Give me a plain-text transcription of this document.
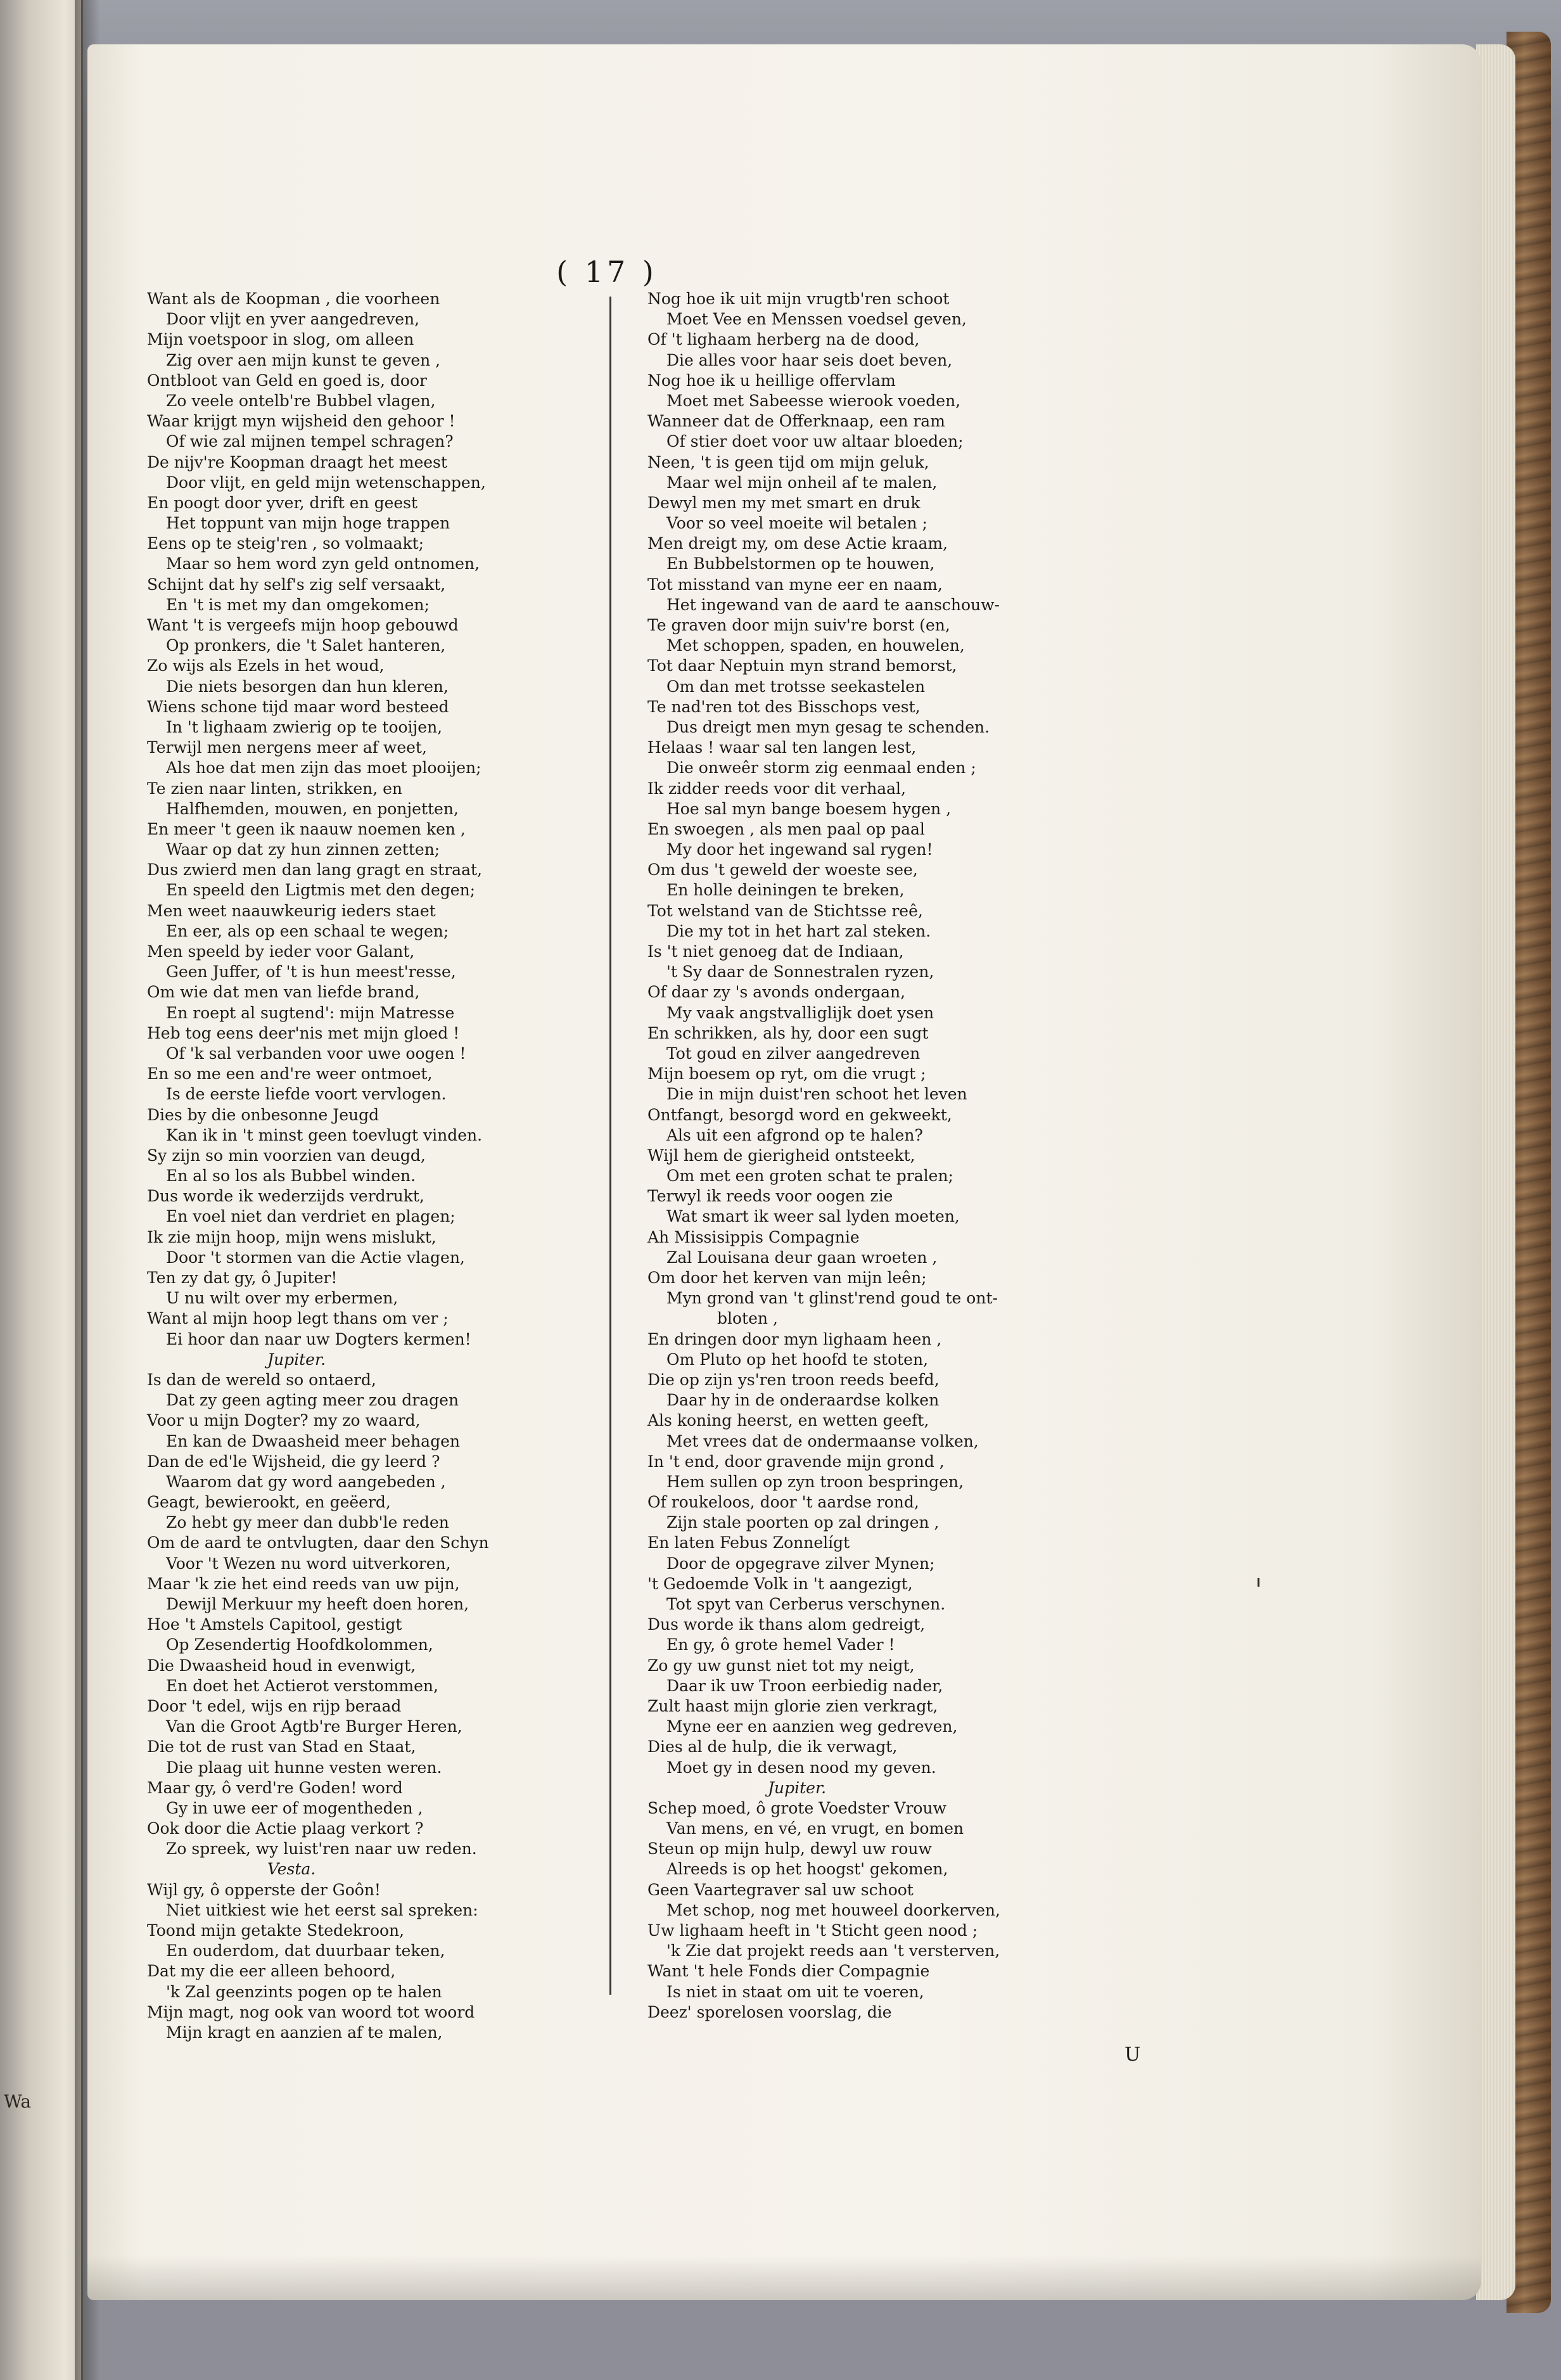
Wa
( 17 )
Want als de Koopman , die voorheen
Door vlijt en yver aangedreven,
Mijn voetspoor in slog, om alleen
Zig over aen mijn kunst te geven ,
Ontbloot van Geld en goed is, door
Zo veele ontelb're Bubbel vlagen,
Waar krijgt myn wijsheid den gehoor !
Of wie zal mijnen tempel schragen?
De nijv're Koopman draagt het meest
Door vlijt, en geld mijn wetenschappen,
En poogt door yver, drift en geest
Het toppunt van mijn hoge trappen
Eens op te steig'ren , so volmaakt;
Maar so hem word zyn geld ontnomen,
Schijnt dat hy self's zig self versaakt,
En 't is met my dan omgekomen;
Want 't is vergeefs mijn hoop gebouwd
Op pronkers, die 't Salet hanteren,
Zo wijs als Ezels in het woud,
Die niets besorgen dan hun kleren,
Wiens schone tijd maar word besteed
In 't lighaam zwierig op te tooijen,
Terwijl men nergens meer af weet,
Als hoe dat men zijn das moet plooijen;
Te zien naar linten, strikken, en
Halfhemden, mouwen, en ponjetten,
En meer 't geen ik naauw noemen ken ,
Waar op dat zy hun zinnen zetten;
Dus zwierd men dan lang gragt en straat,
En speeld den Ligtmis met den degen;
Men weet naauwkeurig ieders staet
En eer, als op een schaal te wegen;
Men speeld by ieder voor Galant,
Geen Juffer, of 't is hun meest'resse,
Om wie dat men van liefde brand,
En roept al sugtend': mijn Matresse
Heb tog eens deer'nis met mijn gloed !
Of 'k sal verbanden voor uwe oogen !
En so me een and're weer ontmoet,
Is de eerste liefde voort vervlogen.
Dies by die onbesonne Jeugd
Kan ik in 't minst geen toevlugt vinden.
Sy zijn so min voorzien van deugd,
En al so los als Bubbel winden.
Dus worde ik wederzijds verdrukt,
En voel niet dan verdriet en plagen;
Ik zie mijn hoop, mijn wens mislukt,
Door 't stormen van die Actie vlagen,
Ten zy dat gy, ô Jupiter!
U nu wilt over my erbermen,
Want al mijn hoop legt thans om ver ;
Ei hoor dan naar uw Dogters kermen!
Jupiter.
Is dan de wereld so ontaerd,
Dat zy geen agting meer zou dragen
Voor u mijn Dogter? my zo waard,
En kan de Dwaasheid meer behagen
Dan de ed'le Wijsheid, die gy leerd ?
Waarom dat gy word aangebeden ,
Geagt, bewierookt, en geëerd,
Zo hebt gy meer dan dubb'le reden
Om de aard te ontvlugten, daar den Schyn
Voor 't Wezen nu word uitverkoren,
Maar 'k zie het eind reeds van uw pijn,
Dewijl Merkuur my heeft doen horen,
Hoe 't Amstels Capitool, gestigt
Op Zesendertig Hoofdkolommen,
Die Dwaasheid houd in evenwigt,
En doet het Actierot verstommen,
Door 't edel, wijs en rijp beraad
Van die Groot Agtb're Burger Heren,
Die tot de rust van Stad en Staat,
Die plaag uit hunne vesten weren.
Maar gy, ô verd're Goden! word
Gy in uwe eer of mogentheden ,
Ook door die Actie plaag verkort ?
Zo spreek, wy luist'ren naar uw reden.
Vesta.
Wijl gy, ô opperste der Goôn!
Niet uitkiest wie het eerst sal spreken:
Toond mijn getakte Stedekroon,
En ouderdom, dat duurbaar teken,
Dat my die eer alleen behoord,
'k Zal geenzints pogen op te halen
Mijn magt, nog ook van woord tot woord
Mijn kragt en aanzien af te malen,
Nog hoe ik uit mijn vrugtb'ren schoot
Moet Vee en Menssen voedsel geven,
Of 't lighaam herberg na de dood,
Die alles voor haar seis doet beven,
Nog hoe ik u heillige offervlam
Moet met Sabeesse wierook voeden,
Wanneer dat de Offerknaap, een ram
Of stier doet voor uw altaar bloeden;
Neen, 't is geen tijd om mijn geluk,
Maar wel mijn onheil af te malen,
Dewyl men my met smart en druk
Voor so veel moeite wil betalen ;
Men dreigt my, om dese Actie kraam,
En Bubbelstormen op te houwen,
Tot misstand van myne eer en naam,
Het ingewand van de aard te aanschouw-
Te graven door mijn suiv're borst (en,
Met schoppen, spaden, en houwelen,
Tot daar Neptuin myn strand bemorst,
Om dan met trotsse seekastelen
Te nad'ren tot des Bisschops vest,
Dus dreigt men myn gesag te schenden.
Helaas ! waar sal ten langen lest,
Die onweêr storm zig eenmaal enden ;
Ik zidder reeds voor dit verhaal,
Hoe sal myn bange boesem hygen ,
En swoegen , als men paal op paal
My door het ingewand sal rygen!
Om dus 't geweld der woeste see,
En holle deiningen te breken,
Tot welstand van de Stichtsse reê,
Die my tot in het hart zal steken.
Is 't niet genoeg dat de Indiaan,
't Sy daar de Sonnestralen ryzen,
Of daar zy 's avonds ondergaan,
My vaak angstvalliglijk doet ysen
En schrikken, als hy, door een sugt
Tot goud en zilver aangedreven
Mijn boesem op ryt, om die vrugt ;
Die in mijn duist'ren schoot het leven
Ontfangt, besorgd word en gekweekt,
Als uit een afgrond op te halen?
Wijl hem de gierigheid ontsteekt,
Om met een groten schat te pralen;
Terwyl ik reeds voor oogen zie
Wat smart ik weer sal lyden moeten,
Ah Missisippis Compagnie
Zal Louisana deur gaan wroeten ,
Om door het kerven van mijn leên;
Myn grond van 't glinst'rend goud te ont-
bloten ,
En dringen door myn lighaam heen ,
Om Pluto op het hoofd te stoten,
Die op zijn ys'ren troon reeds beefd,
Daar hy in de onderaardse kolken
Als koning heerst, en wetten geeft,
Met vrees dat de ondermaanse volken,
In 't end, door gravende mijn grond ,
Hem sullen op zyn troon bespringen,
Of roukeloos, door 't aardse rond,
Zijn stale poorten op zal dringen ,
En laten Febus Zonnelígt
Door de opgegrave zilver Mynen;
't Gedoemde Volk in 't aangezigt,
Tot spyt van Cerberus verschynen.
Dus worde ik thans alom gedreigt,
En gy, ô grote hemel Vader !
Zo gy uw gunst niet tot my neigt,
Daar ik uw Troon eerbiedig nader,
Zult haast mijn glorie zien verkragt,
Myne eer en aanzien weg gedreven,
Dies al de hulp, die ik verwagt,
Moet gy in desen nood my geven.
Jupiter.
Schep moed, ô grote Voedster Vrouw
Van mens, en vé, en vrugt, en bomen
Steun op mijn hulp, dewyl uw rouw
Alreeds is op het hoogst' gekomen,
Geen Vaartegraver sal uw schoot
Met schop, nog met houweel doorkerven,
Uw lighaam heeft in 't Sticht geen nood ;
'k Zie dat projekt reeds aan 't versterven,
Want 't hele Fonds dier Compagnie
Is niet in staat om uit te voeren,
Deez' sporelosen voorslag, die
U
